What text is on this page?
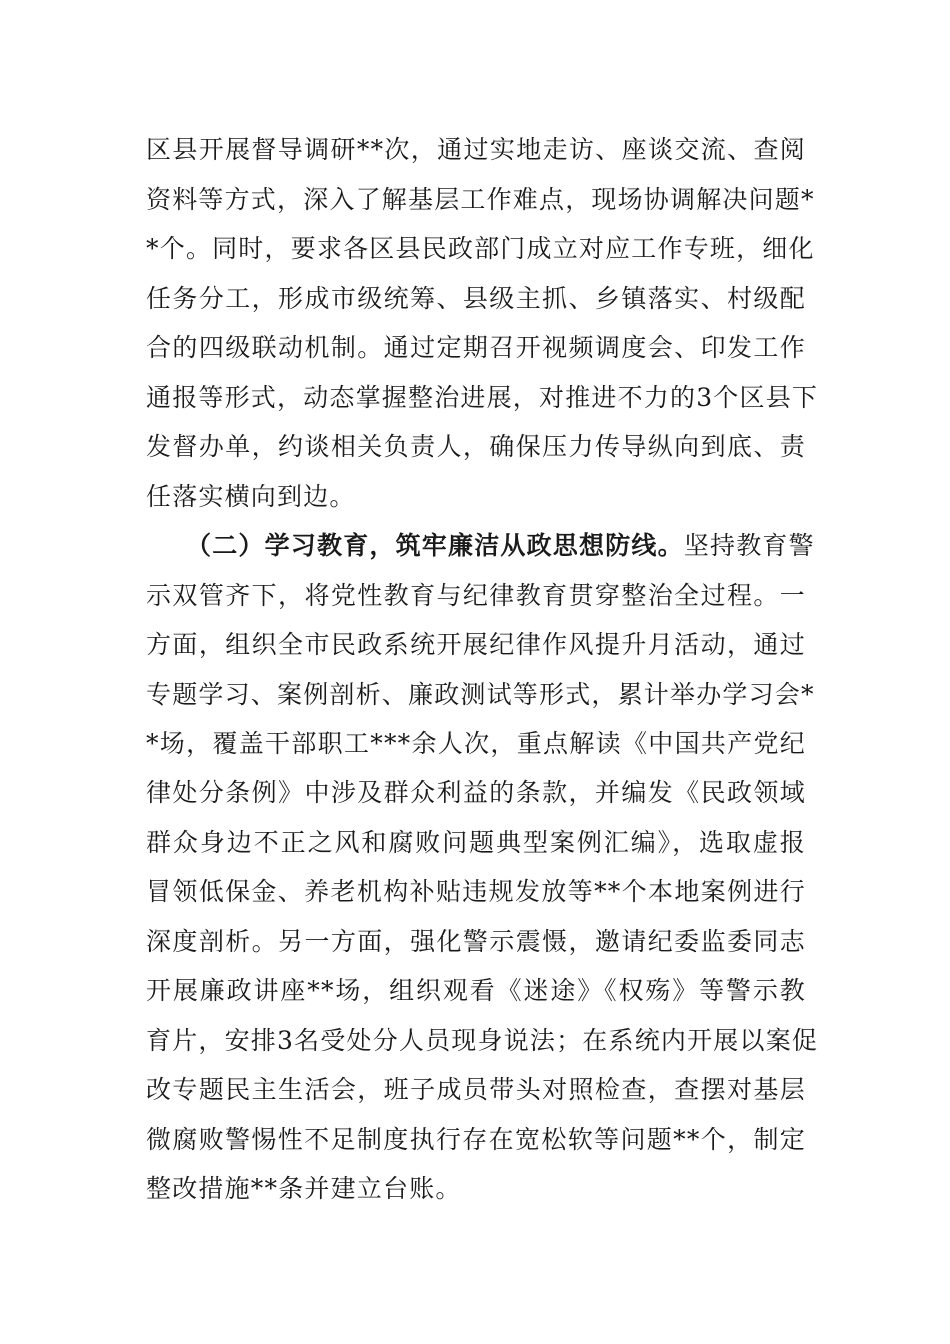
区县开展督导调研**次，通过实地走访、座谈交流、查阅
资料等方式，深入了解基层工作难点，现场协调解决问题*
*个。同时，要求各区县民政部门成立对应工作专班，细化
任务分工，形成市级统筹、县级主抓、乡镇落实、村级配
合的四级联动机制。通过定期召开视频调度会、印发工作
通报等形式，动态掌握整治进展，对推进不力的3个区县下
发督办单，约谈相关负责人，确保压力传导纵向到底、责
任落实横向到边。
（二）学习教育，筑牢廉洁从政思想防线。坚持教育警
示双管齐下，将党性教育与纪律教育贯穿整治全过程。一
方面，组织全市民政系统开展纪律作风提升月活动，通过
专题学习、案例剖析、廉政测试等形式，累计举办学习会*
*场，覆盖干部职工***余人次，重点解读《中国共产党纪
律处分条例》中涉及群众利益的条款，并编发《民政领域
群众身边不正之风和腐败问题典型案例汇编》，选取虚报
冒领低保金、养老机构补贴违规发放等**个本地案例进行
深度剖析。另一方面，强化警示震慑，邀请纪委监委同志
开展廉政讲座**场，组织观看《迷途》《权殇》等警示教
育片，安排3名受处分人员现身说法；在系统内开展以案促
改专题民主生活会，班子成员带头对照检查，查摆对基层
微腐败警惕性不足制度执行存在宽松软等问题**个，制定
整改措施**条并建立台账。
